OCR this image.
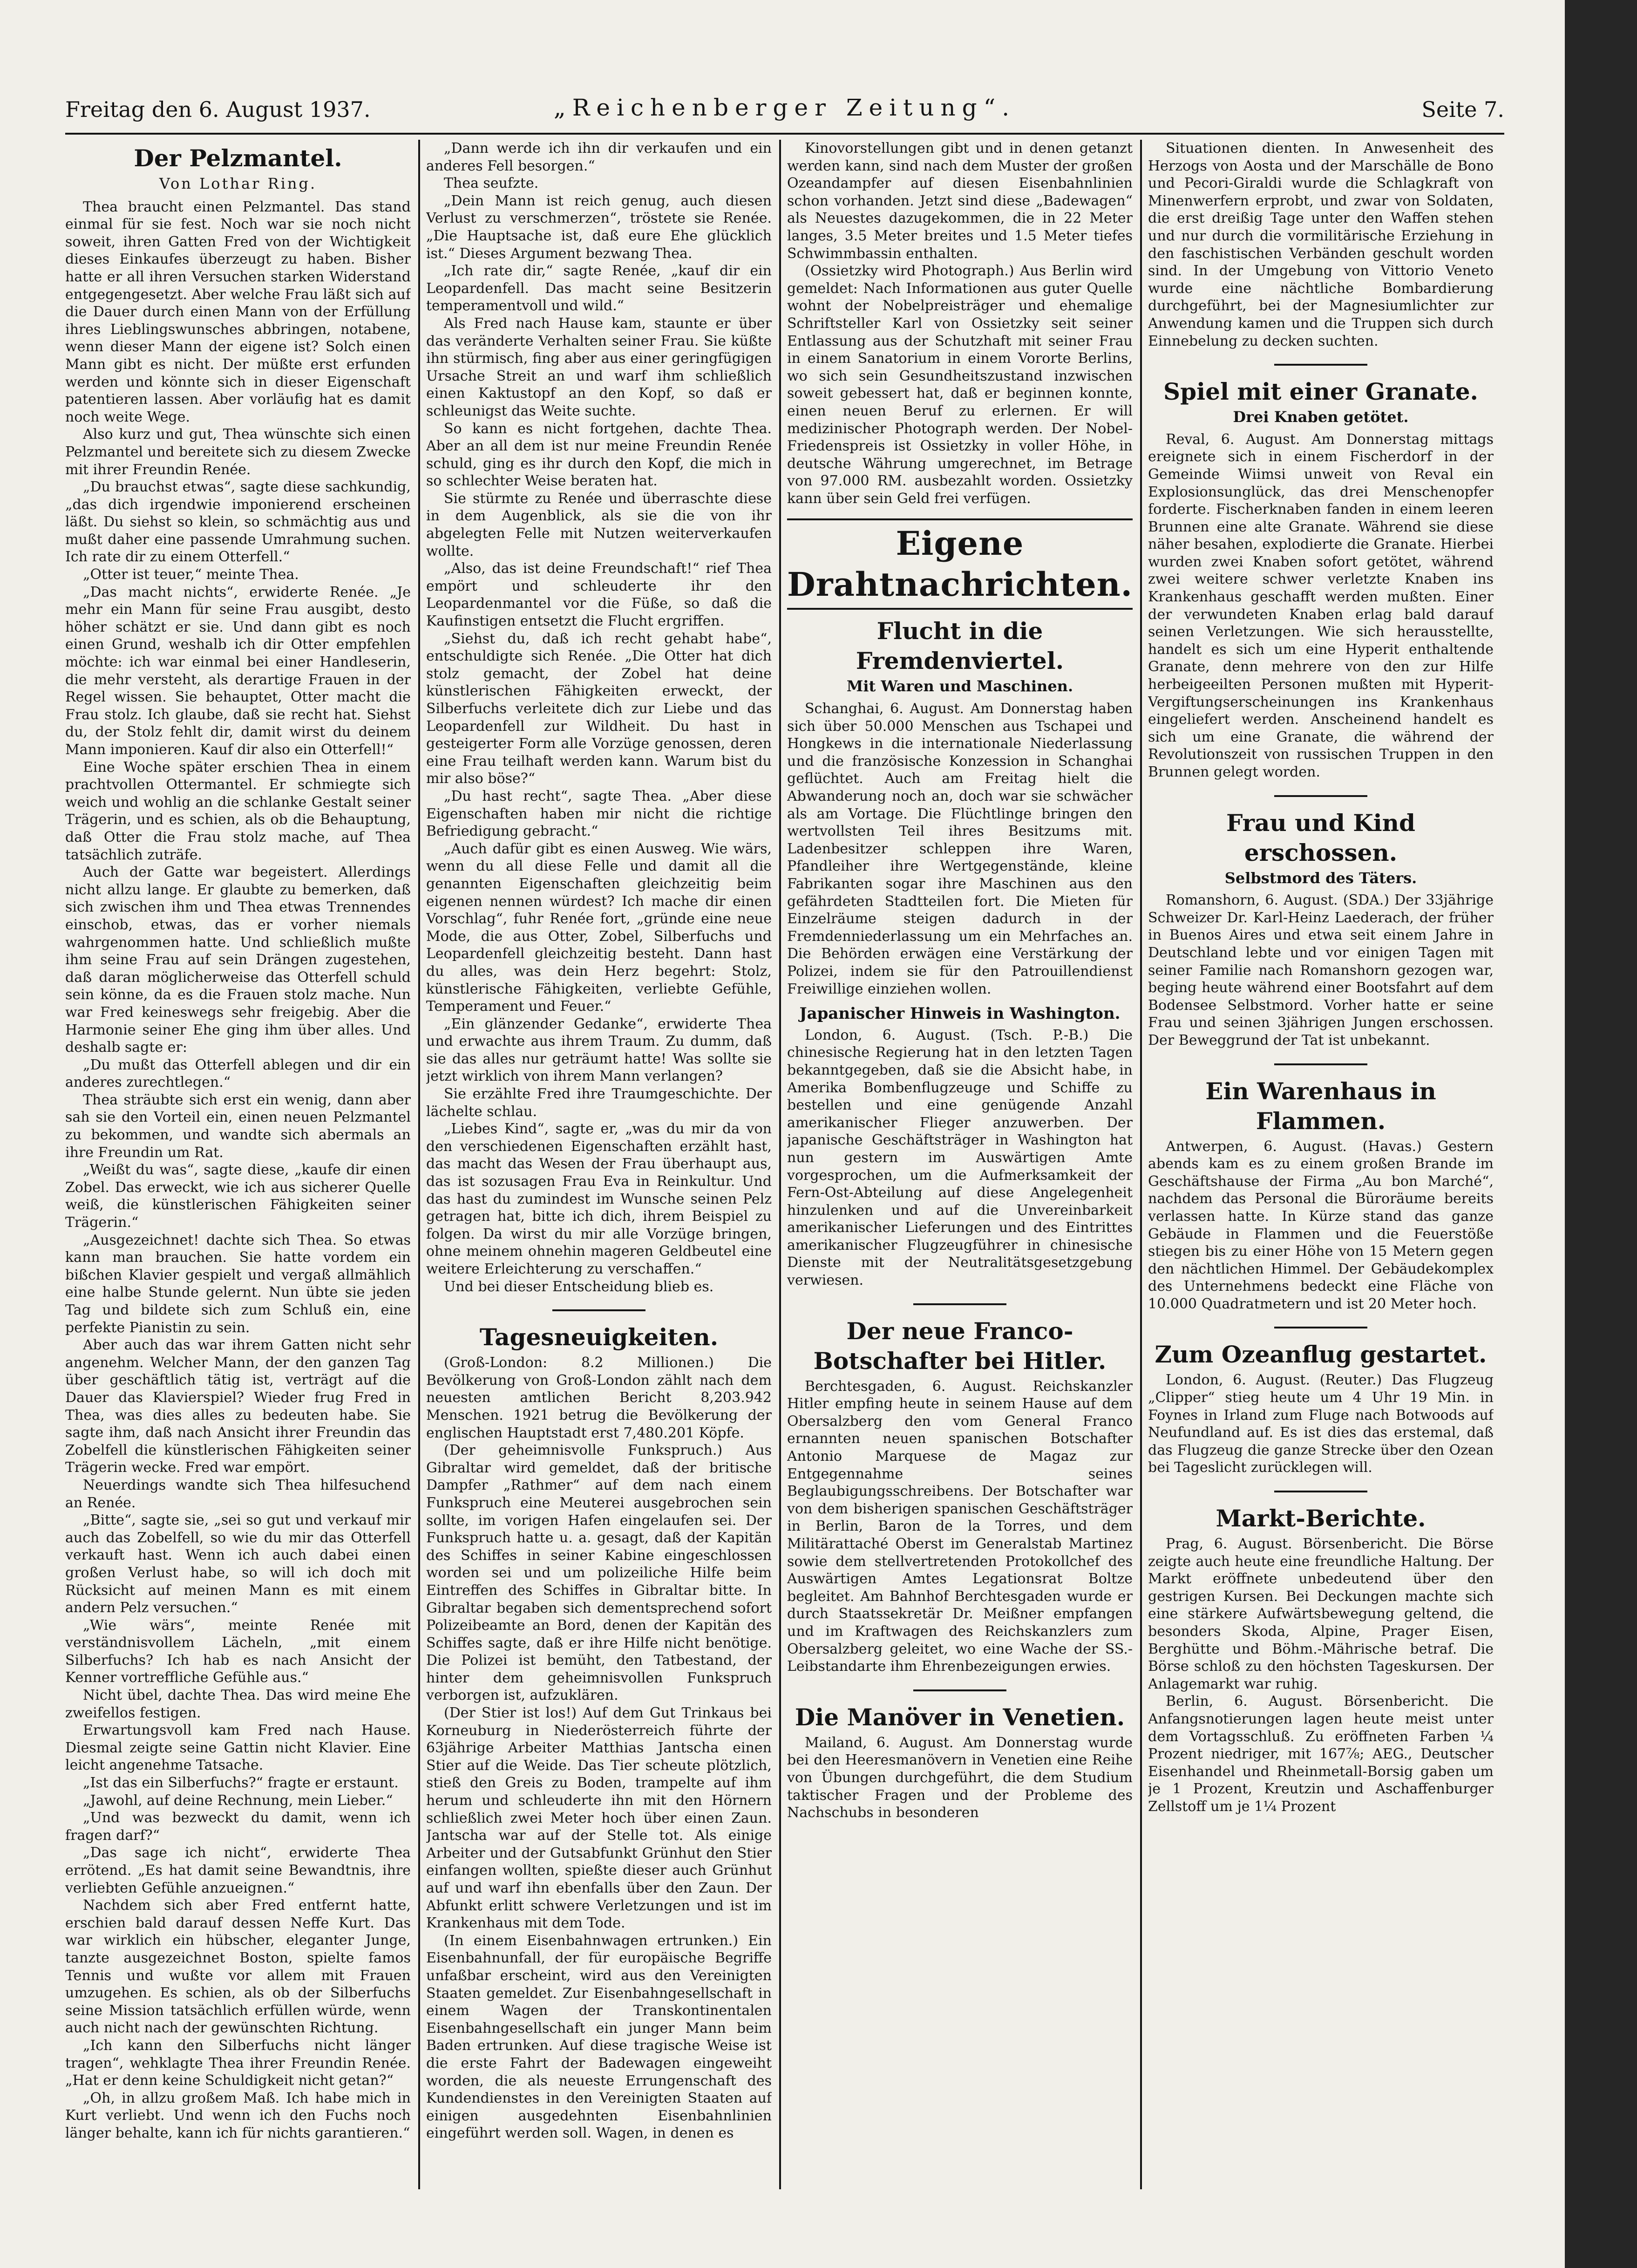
Freitag den 6. August 1937.	„Reichenberger Zeitung“.	Seite 7.
Der Pelzmantel.
Von Lothar Ring.

Thea braucht einen Pelzmantel. Das stand einmal für sie fest. Noch war sie noch nicht soweit, ihren Gatten Fred von der Wichtigkeit dieses Einkaufes überzeugt zu haben. Bisher hatte er all ihren Versuchen starken Widerstand entgegengesetzt. Aber welche Frau läßt sich auf die Dauer durch einen Mann von der Erfüllung ihres Lieblingswunsches abbringen, notabene, wenn dieser Mann der eigene ist? Solch einen Mann gibt es nicht. Der müßte erst erfunden werden und könnte sich in dieser Eigenschaft patentieren lassen. Aber vorläufig hat es damit noch weite Wege.

Also kurz und gut, Thea wünschte sich einen Pelzmantel und bereitete sich zu diesem Zwecke mit ihrer Freundin Renée.

„Du brauchst etwas“, sagte diese sachkundig, „das dich irgendwie imponierend erscheinen läßt. Du siehst so klein, so schmächtig aus und mußt daher eine passende Umrahmung suchen. Ich rate dir zu einem Otterfell.“

„Otter ist teuer,“ meinte Thea.

„Das macht nichts“, erwiderte Renée. „Je mehr ein Mann für seine Frau ausgibt, desto höher schätzt er sie. Und dann gibt es noch einen Grund, weshalb ich dir Otter empfehlen möchte: ich war einmal bei einer Handleserin, die mehr versteht, als derartige Frauen in der Regel wissen. Sie behauptet, Otter macht die Frau stolz. Ich glaube, daß sie recht hat. Siehst du, der Stolz fehlt dir, damit wirst du deinem Mann imponieren. Kauf dir also ein Otterfell!“

Eine Woche später erschien Thea in einem prachtvollen Ottermantel. Er schmiegte sich weich und wohlig an die schlanke Gestalt seiner Trägerin, und es schien, als ob die Behauptung, daß Otter die Frau stolz mache, auf Thea tatsächlich zuträfe.

Auch der Gatte war begeistert. Allerdings nicht allzu lange. Er glaubte zu bemerken, daß sich zwischen ihm und Thea etwas Trennendes einschob, etwas, das er vorher niemals wahrgenommen hatte. Und schließlich mußte ihm seine Frau auf sein Drängen zugestehen, daß daran möglicherweise das Otterfell schuld sein könne, da es die Frauen stolz mache. Nun war Fred keineswegs sehr freigebig. Aber die Harmonie seiner Ehe ging ihm über alles. Und deshalb sagte er:

„Du mußt das Otterfell ablegen und dir ein anderes zurechtlegen.“

Thea sträubte sich erst ein wenig, dann aber sah sie den Vorteil ein, einen neuen Pelzmantel zu bekommen, und wandte sich abermals an ihre Freundin um Rat.

„Weißt du was“, sagte diese, „kaufe dir einen Zobel. Das erweckt, wie ich aus sicherer Quelle weiß, die künstlerischen Fähigkeiten seiner Trägerin.“

„Ausgezeichnet! dachte sich Thea. So etwas kann man brauchen. Sie hatte vordem ein bißchen Klavier gespielt und vergaß allmählich eine halbe Stunde gelernt. Nun übte sie jeden Tag und bildete sich zum Schluß ein, eine perfekte Pianistin zu sein.

Aber auch das war ihrem Gatten nicht sehr angenehm. Welcher Mann, der den ganzen Tag über geschäftlich tätig ist, verträgt auf die Dauer das Klavierspiel? Wieder frug Fred in Thea, was dies alles zu bedeuten habe. Sie sagte ihm, daß nach Ansicht ihrer Freundin das Zobelfell die künstlerischen Fähigkeiten seiner Trägerin wecke. Fred war empört.

Neuerdings wandte sich Thea hilfesuchend an Renée.

„Bitte“, sagte sie, „sei so gut und verkauf mir auch das Zobelfell, so wie du mir das Otterfell verkauft hast. Wenn ich auch dabei einen großen Verlust habe, so will ich doch mit Rücksicht auf meinen Mann es mit einem andern Pelz versuchen.“

„Wie wärs“, meinte Renée mit verständnisvollem Lächeln, „mit einem Silberfuchs? Ich hab es nach Ansicht der Kenner vortreffliche Gefühle aus.“

Nicht übel, dachte Thea. Das wird meine Ehe zweifellos festigen.

Erwartungsvoll kam Fred nach Hause. Diesmal zeigte seine Gattin nicht Klavier. Eine leicht angenehme Tatsache.

„Ist das ein Silberfuchs?“ fragte er erstaunt.

„Jawohl, auf deine Rechnung, mein Lieber.“

„Und was bezweckt du damit, wenn ich fragen darf?“

„Das sage ich nicht“, erwiderte Thea errötend. „Es hat damit seine Bewandtnis, ihre verliebten Gefühle anzueignen.“

Nachdem sich aber Fred entfernt hatte, erschien bald darauf dessen Neffe Kurt. Das war wirklich ein hübscher, eleganter Junge, tanzte ausgezeichnet Boston, spielte famos Tennis und wußte vor allem mit Frauen umzugehen. Es schien, als ob der Silberfuchs seine Mission tatsächlich erfüllen würde, wenn auch nicht nach der gewünschten Richtung.

„Ich kann den Silberfuchs nicht länger tragen“, wehklagte Thea ihrer Freundin Renée. „Hat er denn keine Schuldigkeit nicht getan?“

„Oh, in allzu großem Maß. Ich habe mich in Kurt verliebt. Und wenn ich den Fuchs noch länger behalte, kann ich für nichts garantieren.“

„Dann werde ich ihn dir verkaufen und ein anderes Fell besorgen.“

Thea seufzte.

„Dein Mann ist reich genug, auch diesen Verlust zu verschmerzen“, tröstete sie Renée. „Die Hauptsache ist, daß eure Ehe glücklich ist.“ Dieses Argument bezwang Thea.

„Ich rate dir,“ sagte Renée, „kauf dir ein Leopardenfell. Das macht seine Besitzerin temperamentvoll und wild.“

Als Fred nach Hause kam, staunte er über das veränderte Verhalten seiner Frau. Sie küßte ihn stürmisch, fing aber aus einer geringfügigen Ursache Streit an und warf ihm schließlich einen Kaktustopf an den Kopf, so daß er schleunigst das Weite suchte.

So kann es nicht fortgehen, dachte Thea. Aber an all dem ist nur meine Freundin Renée schuld, ging es ihr durch den Kopf, die mich in so schlechter Weise beraten hat.

Sie stürmte zu Renée und überraschte diese in dem Augenblick, als sie die von ihr abgelegten Felle mit Nutzen weiterverkaufen wollte.

„Also, das ist deine Freundschaft!“ rief Thea empört und schleuderte ihr den Leopardenmantel vor die Füße, so daß die Kaufinstigen entsetzt die Flucht ergriffen.

„Siehst du, daß ich recht gehabt habe“, entschuldigte sich Renée. „Die Otter hat dich stolz gemacht, der Zobel hat deine künstlerischen Fähigkeiten erweckt, der Silberfuchs verleitete dich zur Liebe und das Leopardenfell zur Wildheit. Du hast in gesteigerter Form alle Vorzüge genossen, deren eine Frau teilhaft werden kann. Warum bist du mir also böse?“

„Du hast recht“, sagte Thea. „Aber diese Eigenschaften haben mir nicht die richtige Befriedigung gebracht.“

„Auch dafür gibt es einen Ausweg. Wie wärs, wenn du all diese Felle und damit all die genannten Eigenschaften gleichzeitig beim eigenen nennen würdest? Ich mache dir einen Vorschlag“, fuhr Renée fort, „gründe eine neue Mode, die aus Otter, Zobel, Silberfuchs und Leopardenfell gleichzeitig besteht. Dann hast du alles, was dein Herz begehrt: Stolz, künstlerische Fähigkeiten, verliebte Gefühle, Temperament und Feuer.“

„Ein glänzender Gedanke“, erwiderte Thea und erwachte aus ihrem Traum. Zu dumm, daß sie das alles nur geträumt hatte! Was sollte sie jetzt wirklich von ihrem Mann verlangen?

Sie erzählte Fred ihre Traumgeschichte. Der lächelte schlau.

„Liebes Kind“, sagte er, „was du mir da von den verschiedenen Eigenschaften erzählt hast, das macht das Wesen der Frau überhaupt aus, das ist sozusagen Frau Eva in Reinkultur. Und das hast du zumindest im Wunsche seinen Pelz getragen hat, bitte ich dich, ihrem Beispiel zu folgen. Da wirst du mir alle Vorzüge bringen, ohne meinem ohnehin mageren Geldbeutel eine weitere Erleichterung zu verschaffen.“

Und bei dieser Entscheidung blieb es.

Tagesneuigkeiten.

(Groß-London: 8.2 Millionen.) Die Bevölkerung von Groß-London zählt nach dem neuesten amtlichen Bericht 8,203.942 Menschen. 1921 betrug die Bevölkerung der englischen Hauptstadt erst 7,480.201 Köpfe.

(Der geheimnisvolle Funkspruch.) Aus Gibraltar wird gemeldet, daß der britische Dampfer „Rathmer“ auf dem nach einem Funkspruch eine Meuterei ausgebrochen sein sollte, im vorigen Hafen eingelaufen sei. Der Funkspruch hatte u. a. gesagt, daß der Kapitän des Schiffes in seiner Kabine eingeschlossen worden sei und um polizeiliche Hilfe beim Eintreffen des Schiffes in Gibraltar bitte. In Gibraltar begaben sich dementsprechend sofort Polizeibeamte an Bord, denen der Kapitän des Schiffes sagte, daß er ihre Hilfe nicht benötige. Die Polizei ist bemüht, den Tatbestand, der hinter dem geheimnisvollen Funkspruch verborgen ist, aufzuklären.

(Der Stier ist los!) Auf dem Gut Trinkaus bei Korneuburg in Niederösterreich führte der 63jährige Arbeiter Matthias Jantscha einen Stier auf die Weide. Das Tier scheute plötzlich, stieß den Greis zu Boden, trampelte auf ihm herum und schleuderte ihn mit den Hörnern schließlich zwei Meter hoch über einen Zaun. Jantscha war auf der Stelle tot. Als einige Arbeiter und der Gutsabfunkt Grünhut den Stier einfangen wollten, spießte dieser auch Grünhut auf und warf ihn ebenfalls über den Zaun. Der Abfunkt erlitt schwere Verletzungen und ist im Krankenhaus mit dem Tode.

(In einem Eisenbahnwagen ertrunken.) Ein Eisenbahnunfall, der für europäische Begriffe unfaßbar erscheint, wird aus den Vereinigten Staaten gemeldet. Zur Eisenbahngesellschaft in einem Wagen der Transkontinentalen Eisenbahngesellschaft ein junger Mann beim Baden ertrunken. Auf diese tragische Weise ist die erste Fahrt der Badewagen eingeweiht worden, die als neueste Errungenschaft des Kundendienstes in den Vereinigten Staaten auf einigen ausgedehnten Eisenbahnlinien eingeführt werden soll. Wagen, in denen es

Kinovorstellungen gibt und in denen getanzt werden kann, sind nach dem Muster der großen Ozeandampfer auf diesen Eisenbahnlinien schon vorhanden. Jetzt sind diese „Badewagen“ als Neuestes dazugekommen, die in 22 Meter langes, 3.5 Meter breites und 1.5 Meter tiefes Schwimmbassin enthalten.

(Ossietzky wird Photograph.) Aus Berlin wird gemeldet: Nach Informationen aus guter Quelle wohnt der Nobelpreisträger und ehemalige Schriftsteller Karl von Ossietzky seit seiner Entlassung aus der Schutzhaft mit seiner Frau in einem Sanatorium in einem Vororte Berlins, wo sich sein Gesundheitszustand inzwischen soweit gebessert hat, daß er beginnen konnte, einen neuen Beruf zu erlernen. Er will medizinischer Photograph werden. Der Nobel-Friedenspreis ist Ossietzky in voller Höhe, in deutsche Währung umgerechnet, im Betrage von 97.000 RM. ausbezahlt worden. Ossietzky kann über sein Geld frei verfügen.

Eigene Drahtnachrichten.
Flucht in die Fremdenviertel.
Mit Waren und Maschinen.

Schanghai, 6. August. Am Donnerstag haben sich über 50.000 Menschen aus Tschapei und Hongkews in die internationale Niederlassung und die französische Konzession in Schanghai geflüchtet. Auch am Freitag hielt die Abwanderung noch an, doch war sie schwächer als am Vortage. Die Flüchtlinge bringen den wertvollsten Teil ihres Besitzums mit. Ladenbesitzer schleppen ihre Waren, Pfandleiher ihre Wertgegenstände, kleine Fabrikanten sogar ihre Maschinen aus den gefährdeten Stadtteilen fort. Die Mieten für Einzelräume steigen dadurch in der Fremdenniederlassung um ein Mehrfaches an. Die Behörden erwägen eine Verstärkung der Polizei, indem sie für den Patrouillendienst Freiwillige einziehen wollen.

Japanischer Hinweis in Washington.

London, 6. August. (Tsch. P.-B.) Die chinesische Regierung hat in den letzten Tagen bekanntgegeben, daß sie die Absicht habe, in Amerika Bombenflugzeuge und Schiffe zu bestellen und eine genügende Anzahl amerikanischer Flieger anzuwerben. Der japanische Geschäftsträger in Washington hat nun gestern im Auswärtigen Amte vorgesprochen, um die Aufmerksamkeit der Fern-Ost-Abteilung auf diese Angelegenheit hinzulenken und auf die Unvereinbarkeit amerikanischer Lieferungen und des Eintrittes amerikanischer Flugzeugführer in chinesische Dienste mit der Neutralitätsgesetzgebung verwiesen.

Der neue Franco-Botschafter bei Hitler.

Berchtesgaden, 6. August. Reichskanzler Hitler empfing heute in seinem Hause auf dem Obersalzberg den vom General Franco ernannten neuen spanischen Botschafter Antonio Marquese de Magaz zur Entgegennahme seines Beglaubigungsschreibens. Der Botschafter war von dem bisherigen spanischen Geschäftsträger in Berlin, Baron de la Torres, und dem Militärattaché Oberst im Generalstab Martinez sowie dem stellvertretenden Protokollchef des Auswärtigen Amtes Legationsrat Boltze begleitet. Am Bahnhof Berchtesgaden wurde er durch Staatssekretär Dr. Meißner empfangen und im Kraftwagen des Reichskanzlers zum Obersalzberg geleitet, wo eine Wache der SS.-Leibstandarte ihm Ehrenbezeigungen erwies.

Die Manöver in Venetien.

Mailand, 6. August. Am Donnerstag wurde bei den Heeresmanövern in Venetien eine Reihe von Übungen durchgeführt, die dem Studium taktischer Fragen und der Probleme des Nachschubs in besonderen

Situationen dienten. In Anwesenheit des Herzogs von Aosta und der Marschälle de Bono und Pecori-Giraldi wurde die Schlagkraft von Minenwerfern erprobt, und zwar von Soldaten, die erst dreißig Tage unter den Waffen stehen und nur durch die vormilitärische Erziehung in den faschistischen Verbänden geschult worden sind. In der Umgebung von Vittorio Veneto wurde eine nächtliche Bombardierung durchgeführt, bei der Magnesiumlichter zur Anwendung kamen und die Truppen sich durch Einnebelung zu decken suchten.

Spiel mit einer Granate.
Drei Knaben getötet.

Reval, 6. August. Am Donnerstag mittags ereignete sich in einem Fischerdorf in der Gemeinde Wiimsi unweit von Reval ein Explosionsunglück, das drei Menschenopfer forderte. Fischerknaben fanden in einem leeren Brunnen eine alte Granate. Während sie diese näher besahen, explodierte die Granate. Hierbei wurden zwei Knaben sofort getötet, während zwei weitere schwer verletzte Knaben ins Krankenhaus geschafft werden mußten. Einer der verwundeten Knaben erlag bald darauf seinen Verletzungen. Wie sich herausstellte, handelt es sich um eine Hyperit enthaltende Granate, denn mehrere von den zur Hilfe herbeigeeilten Personen mußten mit Hyperit-Vergiftungserscheinungen ins Krankenhaus eingeliefert werden. Anscheinend handelt es sich um eine Granate, die während der Revolutionszeit von russischen Truppen in den Brunnen gelegt worden.

Frau und Kind erschossen.
Selbstmord des Täters.

Romanshorn, 6. August. (SDA.) Der 33jährige Schweizer Dr. Karl-Heinz Laederach, der früher in Buenos Aires und etwa seit einem Jahre in Deutschland lebte und vor einigen Tagen mit seiner Familie nach Romanshorn gezogen war, beging heute während einer Bootsfahrt auf dem Bodensee Selbstmord. Vorher hatte er seine Frau und seinen 3jährigen Jungen erschossen. Der Beweggrund der Tat ist unbekannt.

Ein Warenhaus in Flammen.

Antwerpen, 6. August. (Havas.) Gestern abends kam es zu einem großen Brande im Geschäftshause der Firma „Au bon Marché“, nachdem das Personal die Büroräume bereits verlassen hatte. In Kürze stand das ganze Gebäude in Flammen und die Feuerstöße stiegen bis zu einer Höhe von 15 Metern gegen den nächtlichen Himmel. Der Gebäudekomplex des Unternehmens bedeckt eine Fläche von 10.000 Quadratmetern und ist 20 Meter hoch.

Zum Ozeanflug gestartet.

London, 6. August. (Reuter.) Das Flugzeug „Clipper“ stieg heute um 4 Uhr 19 Min. in Foynes in Irland zum Fluge nach Botwoods auf Neufundland auf. Es ist dies das erstemal, daß das Flugzeug die ganze Strecke über den Ozean bei Tageslicht zurücklegen will.

Markt-Berichte.

Prag, 6. August. Börsenbericht. Die Börse zeigte auch heute eine freundliche Haltung. Der Markt eröffnete unbedeutend über den gestrigen Kursen. Bei Deckungen machte sich eine stärkere Aufwärtsbewegung geltend, die besonders Skoda, Alpine, Prager Eisen, Berghütte und Böhm.-Mährische betraf. Die Börse schloß zu den höchsten Tageskursen. Der Anlagemarkt war ruhig.

Berlin, 6. August. Börsenbericht. Die Anfangsnotierungen lagen heute meist unter dem Vortagsschluß. Zu eröffneten Farben ¼ Prozent niedriger, mit 167⅞; AEG., Deutscher Eisenhandel und Rheinmetall-Borsig gaben um je 1 Prozent, Kreutzin und Aschaffenburger Zellstoff um je 1¼ Prozent
